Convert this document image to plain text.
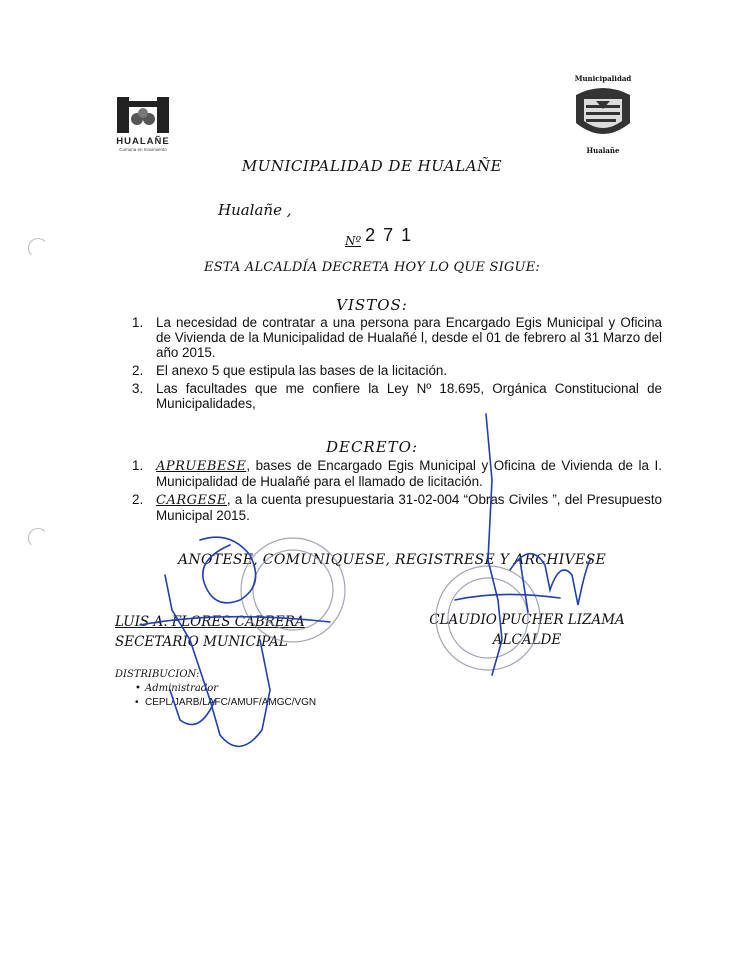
HUALAÑE
Comuna en movimiento
Municipalidad
Hualañe
MUNICIPALIDAD DE HUALAÑE
Hualañe ,
$_{Nº}$ 271
ESTA ALCALDÍA DECRETA HOY LO QUE SIGUE:
VISTOS:
1. La necesidad de contratar a una persona para Encargado Egis Municipal y Oficina de Vivienda de la Municipalidad de Hualañé l, desde el 01 de febrero al 31 Marzo del año 2015.
2. El anexo 5 que estipula las bases de la licitación.
3. Las facultades que me confiere la Ley Nº 18.695, Orgánica Constitucional de Municipalidades,
DECRETO:
1. APRUEBESE, bases de Encargado Egis Municipal y Oficina de Vivienda de la I. Municipalidad de Hualañé para el llamado de licitación.
2. CARGESE, a la cuenta presupuestaria 31-02-004 “Obras Civiles ”, del Presupuesto Municipal 2015.
ANOTESE, COMUNIQUESE, REGISTRESE Y ARCHIVESE
LUIS A. FLORES CABRERA
SECETARIO MUNICIPAL
CLAUDIO PUCHER LIZAMA
ALCALDE
DISTRIBUCION:
• Administrador
• CEPL/JARB/LAFC/AMUF/AMGC/VGN
